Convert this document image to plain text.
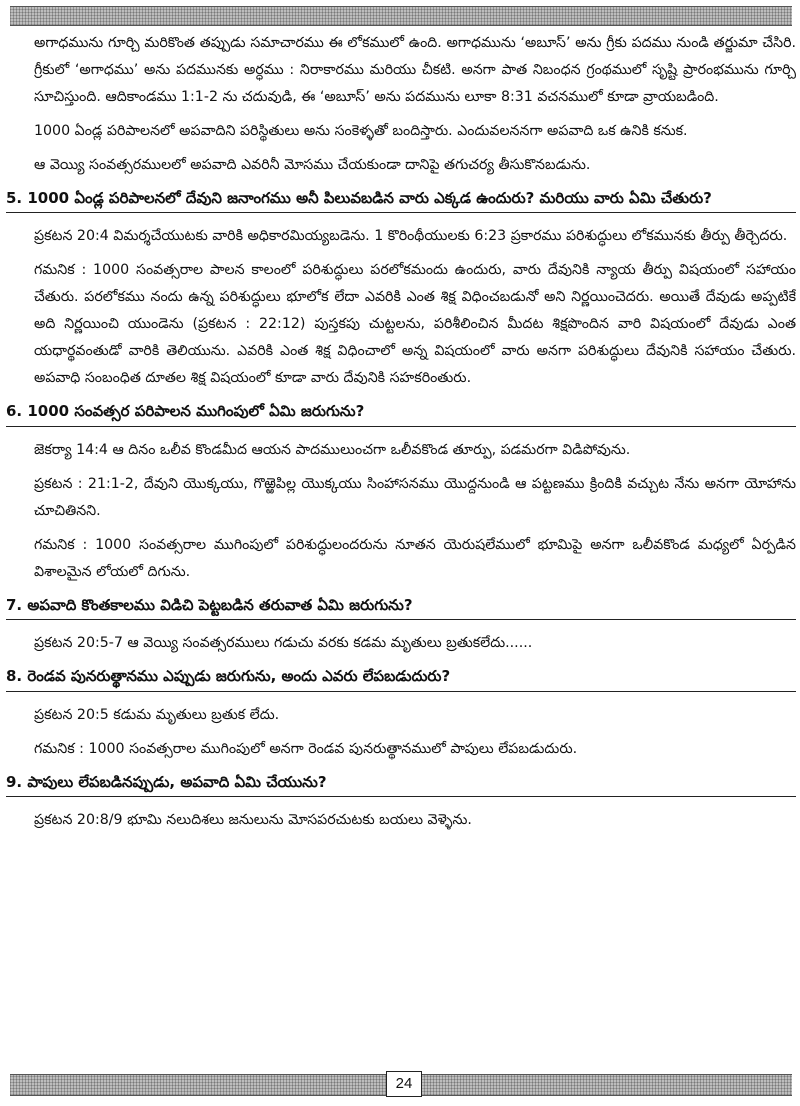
అగాధమును గూర్చి మరికొంత తప్పుడు సమాచారము ఈ లోకములో ఉంది. అగాధమును ‘అబూస్’ అను గ్రీకు పదము నుండి తర్జుమా చేసిరి. గ్రీకులో ‘అగాధము’ అను పదమునకు అర్ధము : నిరాకారము మరియు చీకటి. అనగా పాత నిబంధన గ్రంథములో సృష్టి ప్రారంభమును గూర్చి సూచిస్తుంది. ఆదికాండము 1:1-2 ను చదువుడి, ఈ ‘అబూస్’ అను పదమును లూకా 8:31 వచనములో కూడా వ్రాయబడింది.

1000 ఏండ్ల పరిపాలనలో అపవాదిని పరిస్థితులు అను సంకెళ్ళతో బందిస్తారు. ఎందువలననగా అపవాది ఒక ఉనికి కనుక.

ఆ వెయ్యి సంవత్సరములలో అపవాది ఎవరినీ మోసము చేయకుండా దానిపై తగుచర్య తీసుకొనబడును.

5. 1000 ఏండ్ల పరిపాలనలో దేవుని జనాంగము అనీ పిలువబడిన వారు ఎక్కడ ఉందురు? మరియు వారు ఏమి చేతురు?

ప్రకటన 20:4 విమర్శచేయుటకు వారికి అధికారమియ్యబడెను. 1 కొరింథీయులకు 6:23 ప్రకారము పరిశుద్ధులు లోకమునకు తీర్పు తీర్చెదరు.

గమనిక : 1000 సంవత్సరాల పాలన కాలంలో పరిశుద్ధులు పరలోకమందు ఉందురు, వారు దేవునికి న్యాయ తీర్పు విషయంలో సహాయం చేతురు. పరలోకము నందు ఉన్న పరిశుద్ధులు భూలోక లేదా ఎవరికి ఎంత శిక్ష విధించబడునో అని నిర్ణయించెదరు. అయితే దేవుడు అప్పటికే అది నిర్ణయించి యుండెను (ప్రకటన : 22:12) పుస్తకపు చుట్టలను, పరిశీలించిన మీదట శిక్షపొందిన వారి విషయంలో దేవుడు ఎంత యధార్థవంతుడో వారికి తెలియును. ఎవరికి ఎంత శిక్ష విధించాలో అన్న విషయంలో వారు అనగా పరిశుద్ధులు దేవునికి సహాయం చేతురు. అపవాధి సంబంధిత దూతల శిక్ష విషయంలో కూడా వారు దేవునికి సహకరింతురు.

6. 1000 సంవత్సర పరిపాలన ముగింపులో ఏమి జరుగును?

జెకర్యా 14:4 ఆ దినం ఒలీవ కొండమీద ఆయన పాదములుంచగా ఒలీవకొండ తూర్పు, పడమరగా విడిపోవును.

ప్రకటన : 21:1-2, దేవుని యొక్కయు, గొఱ్ఱెపిల్ల యొక్కయు సింహాసనము యొద్దనుండి ఆ పట్టణము క్రిందికి వచ్చుట నేను అనగా యోహాను చూచితినని.

గమనిక : 1000 సంవత్సరాల ముగింపులో పరిశుద్ధులందరును నూతన యెరుషలేములో భూమిపై అనగా ఒలీవకొండ మధ్యలో ఏర్పడిన విశాలమైన లోయలో దిగును.

7. అపవాది కొంతకాలము విడిచి పెట్టబడిన తరువాత ఏమి జరుగును?

ప్రకటన 20:5-7 ఆ వెయ్యి సంవత్సరములు గడుచు వరకు కడమ మృతులు బ్రతుకలేదు......

8. రెండవ పునరుత్థానము ఎప్పుడు జరుగును, అందు ఎవరు లేపబడుదురు?

ప్రకటన 20:5 కడుమ మృతులు బ్రతుక లేదు.

గమనిక : 1000 సంవత్సరాల ముగింపులో అనగా రెండవ పునరుత్థానములో పాపులు లేపబడుదురు.

9. పాపులు లేపబడినప్పుడు, అపవాది ఏమి చేయును?

ప్రకటన 20:8/9 భూమి నలుదిశలు జనులును మోసపరచుటకు బయలు వెళ్ళెను.

24
